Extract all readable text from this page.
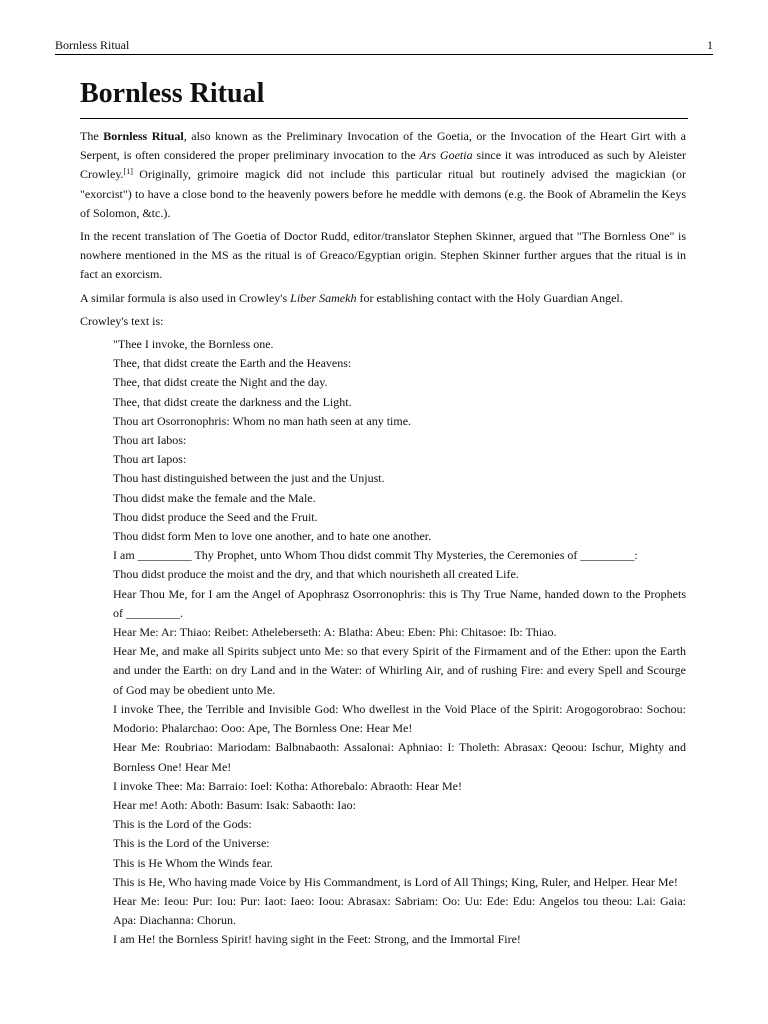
Bornless Ritual	1
Bornless Ritual

The Bornless Ritual, also known as the Preliminary Invocation of the Goetia, or the Invocation of the Heart Girt with a Serpent, is often considered the proper preliminary invocation to the Ars Goetia since it was introduced as such by Aleister Crowley.[1] Originally, grimoire magick did not include this particular ritual but routinely advised the magickian (or "exorcist") to have a close bond to the heavenly powers before he meddle with demons (e.g. the Book of Abramelin the Keys of Solomon, &tc.).

In the recent translation of The Goetia of Doctor Rudd, editor/translator Stephen Skinner, argued that "The Bornless One" is nowhere mentioned in the MS as the ritual is of Greaco/Egyptian origin. Stephen Skinner further argues that the ritual is in fact an exorcism.

A similar formula is also used in Crowley's Liber Samekh for establishing contact with the Holy Guardian Angel.

Crowley's text is:

"Thee I invoke, the Bornless one.
Thee, that didst create the Earth and the Heavens:
Thee, that didst create the Night and the day.
Thee, that didst create the darkness and the Light.
Thou art Osorronophris: Whom no man hath seen at any time.
Thou art Iabos:
Thou art Iapos:
Thou hast distinguished between the just and the Unjust.
Thou didst make the female and the Male.
Thou didst produce the Seed and the Fruit.
Thou didst form Men to love one another, and to hate one another.
I am _________ Thy Prophet, unto Whom Thou didst commit Thy Mysteries, the Ceremonies of _________:
Thou didst produce the moist and the dry, and that which nourisheth all created Life.
Hear Thou Me, for I am the Angel of Apophrasz Osorronophris: this is Thy True Name, handed down to the Prophets of _________.
Hear Me: Ar: Thiao: Reibet: Atheleberseth: A: Blatha: Abeu: Eben: Phi: Chitasoe: Ib: Thiao.
Hear Me, and make all Spirits subject unto Me: so that every Spirit of the Firmament and of the Ether: upon the Earth and under the Earth: on dry Land and in the Water: of Whirling Air, and of rushing Fire: and every Spell and Scourge of God may be obedient unto Me.
I invoke Thee, the Terrible and Invisible God: Who dwellest in the Void Place of the Spirit: Arogogorobrao: Sochou: Modorio: Phalarchao: Ooo: Ape, The Bornless One: Hear Me!
Hear Me: Roubriao: Mariodam: Balbnabaoth: Assalonai: Aphniao: I: Tholeth: Abrasax: Qeoou: Ischur, Mighty and Bornless One! Hear Me!
I invoke Thee: Ma: Barraio: Ioel: Kotha: Athorebalo: Abraoth: Hear Me!
Hear me! Aoth: Aboth: Basum: Isak: Sabaoth: Iao:
This is the Lord of the Gods:
This is the Lord of the Universe:
This is He Whom the Winds fear.
This is He, Who having made Voice by His Commandment, is Lord of All Things; King, Ruler, and Helper. Hear Me!
Hear Me: Ieou: Pur: Iou: Pur: Iaot: Iaeo: Ioou: Abrasax: Sabriam: Oo: Uu: Ede: Edu: Angelos tou theou: Lai: Gaia: Apa: Diachanna: Chorun.
I am He! the Bornless Spirit! having sight in the Feet: Strong, and the Immortal Fire!
